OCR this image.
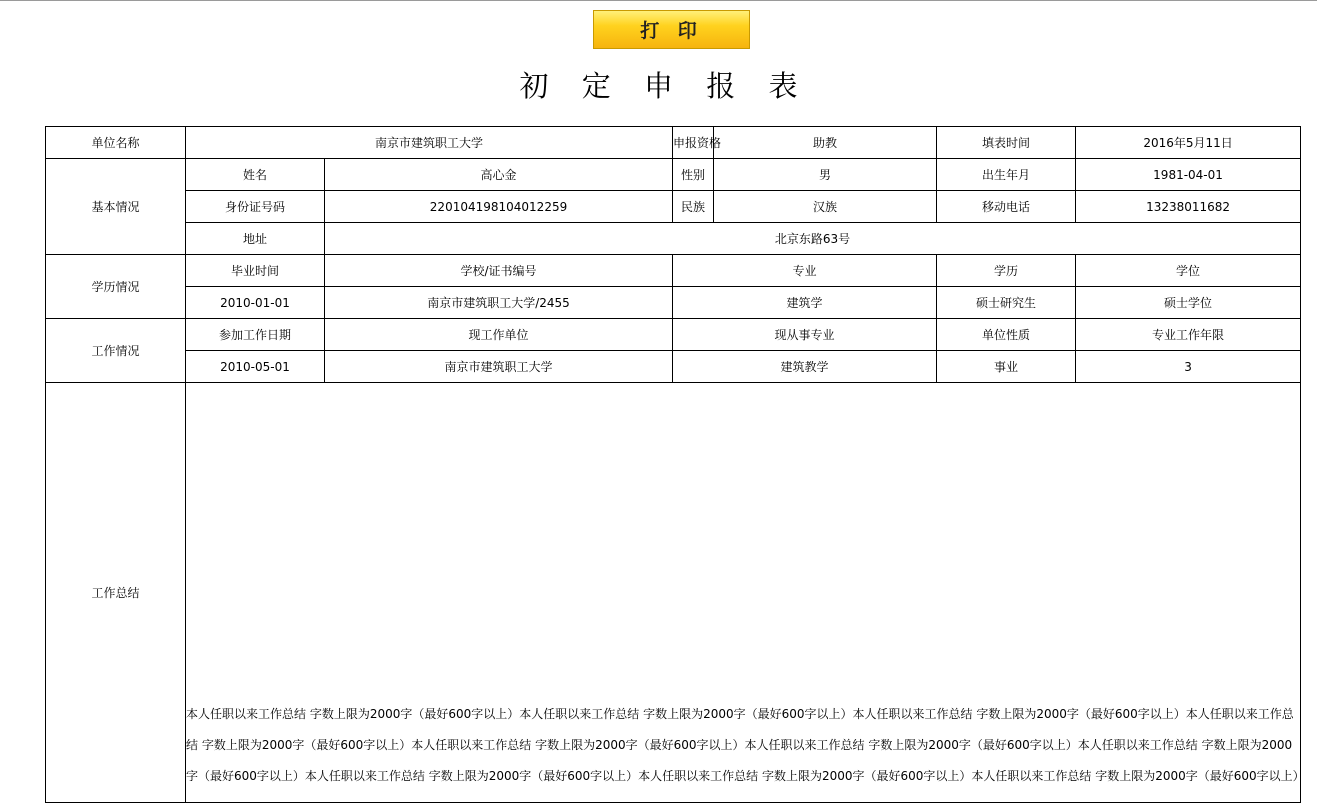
打 印
初 定 申 报 表
单位名称	南京市建筑职工大学		申报资格	助教	填表时间	2016年5月11日
基本情况	姓名	高心金	性别	男	出生年月	1981-04-01
	身份证号码	220104198104012259	民族	汉族	移动电话	13238011682
	地址	北京东路63号				
学历情况	毕业时间	学校/证书编号	专业		学历	学位
	2010-01-01	南京市建筑职工大学/2455	建筑学		硕士研究生	硕士学位
工作情况	参加工作日期	现工作单位	现从事专业		单位性质	专业工作年限
	2010-05-01	南京市建筑职工大学	建筑教学		事业	3
工作总结	本人任职以来工作总结 字数上限为2000字（最好600字以上）本人任职以来工作总结 字数上限为2000字（最好600字以上）本人任职以来工作总结 字数上限为2000字（最好600字以上）本人任职以来工作总结 字数上限为2000字（最好600字以上）本人任职以来工作总结 字数上限为2000字（最好600字以上）本人任职以来工作总结 字数上限为2000字（最好600字以上）本人任职以来工作总结 字数上限为2000字（最好600字以上）本人任职以来工作总结 字数上限为2000字（最好600字以上）本人任职以来工作总结 字数上限为2000字（最好600字以上）本人任职以来工作总结 字数上限为2000字（最好600字以上）					
